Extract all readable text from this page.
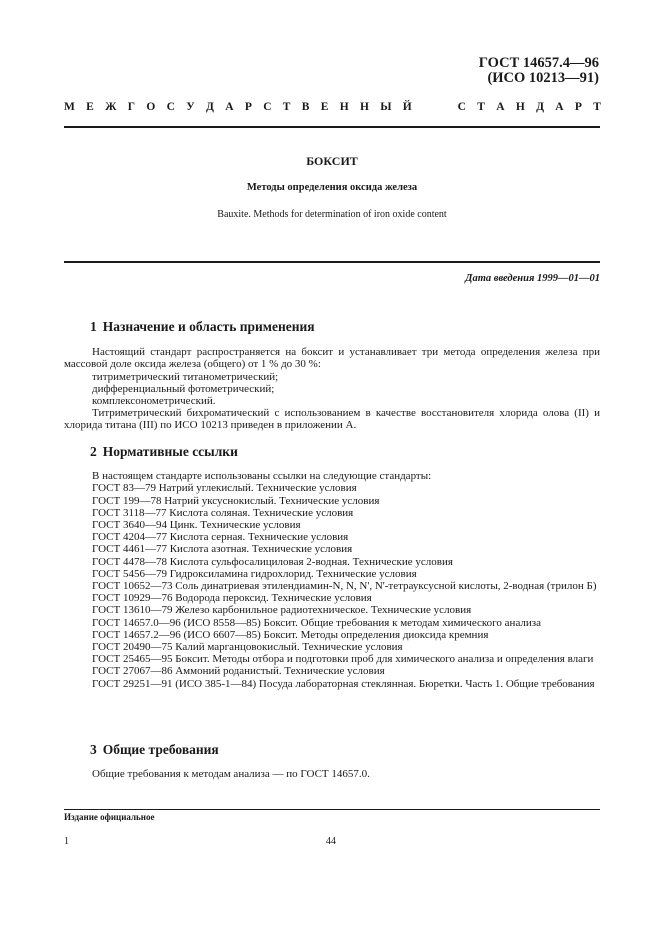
ГОСТ 14657.4—96
(ИСО 10213—91)
М Е Ж Г О С У Д А Р С Т В Е Н Н Ы Й	С Т А Н Д А Р Т
БОКСИТ
Методы определения оксида железа
Bauxite. Methods for determination of iron oxide content
Дата введения 1999—01—01
1 Назначение и область применения
Настоящий стандарт распространяется на боксит и устанавливает три метода определения железа при массовой доле оксида железа (общего) от 1 % до 30 %:
титриметрический титанометрический;
дифференциальный фотометрический;
комплексонометрический.
Титриметрический бихроматический с использованием в качестве восстановителя хлорида олова (II) и хлорида титана (III) по ИСО 10213 приведен в приложении А.
2 Нормативные ссылки
В настоящем стандарте использованы ссылки на следующие стандарты:
ГОСТ 83—79 Натрий углекислый. Технические условия
ГОСТ 199—78 Натрий уксуснокислый. Технические условия
ГОСТ 3118—77 Кислота соляная. Технические условия
ГОСТ 3640—94 Цинк. Технические условия
ГОСТ 4204—77 Кислота серная. Технические условия
ГОСТ 4461—77 Кислота азотная. Технические условия
ГОСТ 4478—78 Кислота сульфосалициловая 2-водная. Технические условия
ГОСТ 5456—79 Гидроксиламина гидрохлорид. Технические условия
ГОСТ 10652—73 Соль динатриевая этилендиамин-N, N, N', N'-тетрауксусной кислоты, 2-водная (трилон Б)
ГОСТ 10929—76 Водорода пероксид. Технические условия
ГОСТ 13610—79 Железо карбонильное радиотехническое. Технические условия
ГОСТ 14657.0—96 (ИСО 8558—85) Боксит. Общие требования к методам химического анализа
ГОСТ 14657.2—96 (ИСО 6607—85) Боксит. Методы определения диоксида кремния
ГОСТ 20490—75 Калий марганцовокислый. Технические условия
ГОСТ 25465—95 Боксит. Методы отбора и подготовки проб для химического анализа и определения влаги
ГОСТ 27067—86 Аммоний роданистый. Технические условия
ГОСТ 29251—91 (ИСО 385-1—84) Посуда лабораторная стеклянная. Бюретки. Часть 1. Общие требования
3 Общие требования
Общие требования к методам анализа — по ГОСТ 14657.0.
Издание официальное
1	44
